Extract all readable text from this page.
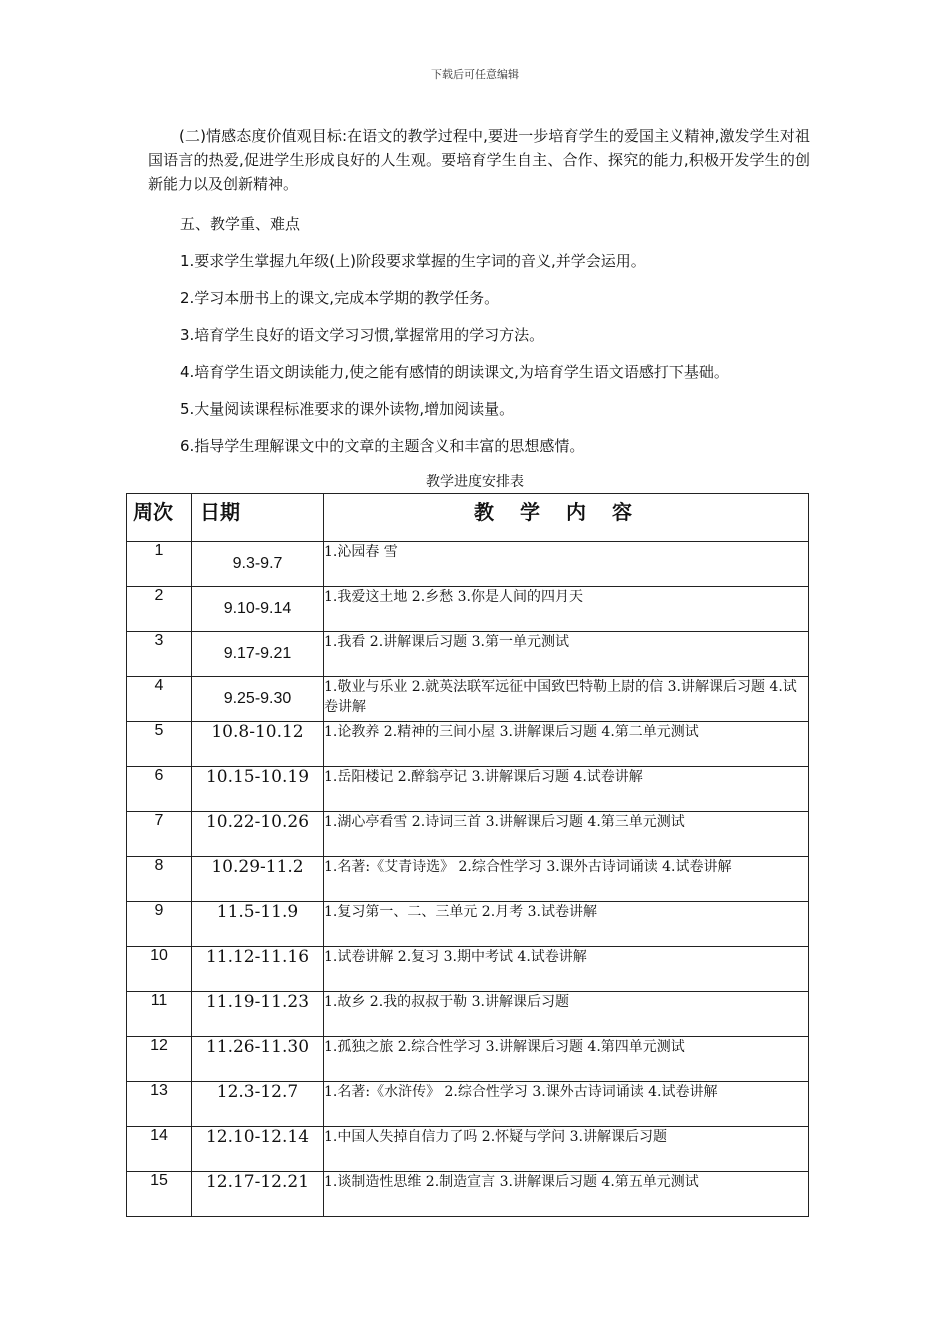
下载后可任意编辑
(二)情感态度价值观目标:在语文的教学过程中,要进一步培育学生的爱国主义精神,激发学生对祖国语言的热爱,促进学生形成良好的人生观。要培育学生自主、合作、探究的能力,积极开发学生的创新能力以及创新精神。
五、教学重、难点
1.要求学生掌握九年级(上)阶段要求掌握的生字词的音义,并学会运用。
2.学习本册书上的课文,完成本学期的教学任务。
3.培育学生良好的语文学习习惯,掌握常用的学习方法。
4.培育学生语文朗读能力,使之能有感情的朗读课文,为培育学生语文语感打下基础。
5.大量阅读课程标准要求的课外读物,增加阅读量。
6.指导学生理解课文中的文章的主题含义和丰富的思想感情。
教学进度安排表
周次	日期	教学内容
1	9.3-9.7	1.沁园春 雪
2	9.10-9.14	1.我爱这土地 2.乡愁 3.你是人间的四月天
3	9.17-9.21	1.我看 2.讲解课后习题 3.第一单元测试
4	9.25-9.30	1.敬业与乐业 2.就英法联军远征中国致巴特勒上尉的信 3.讲解课后习题 4.试卷讲解
5	10.8-10.12	1.论教养 2.精神的三间小屋 3.讲解课后习题 4.第二单元测试
6	10.15-10.19	1.岳阳楼记 2.醉翁亭记 3.讲解课后习题 4.试卷讲解
7	10.22-10.26	1.湖心亭看雪 2.诗词三首 3.讲解课后习题 4.第三单元测试
8	10.29-11.2	1.名著:《艾青诗选》 2.综合性学习 3.课外古诗词诵读 4.试卷讲解
9	11.5-11.9	1.复习第一、二、三单元 2.月考 3.试卷讲解
10	11.12-11.16	1.试卷讲解 2.复习 3.期中考试 4.试卷讲解
11	11.19-11.23	1.故乡 2.我的叔叔于勒 3.讲解课后习题
12	11.26-11.30	1.孤独之旅 2.综合性学习 3.讲解课后习题 4.第四单元测试
13	12.3-12.7	1.名著:《水浒传》 2.综合性学习 3.课外古诗词诵读 4.试卷讲解
14	12.10-12.14	1.中国人失掉自信力了吗 2.怀疑与学问 3.讲解课后习题
15	12.17-12.21	1.谈制造性思维 2.制造宣言 3.讲解课后习题 4.第五单元测试
